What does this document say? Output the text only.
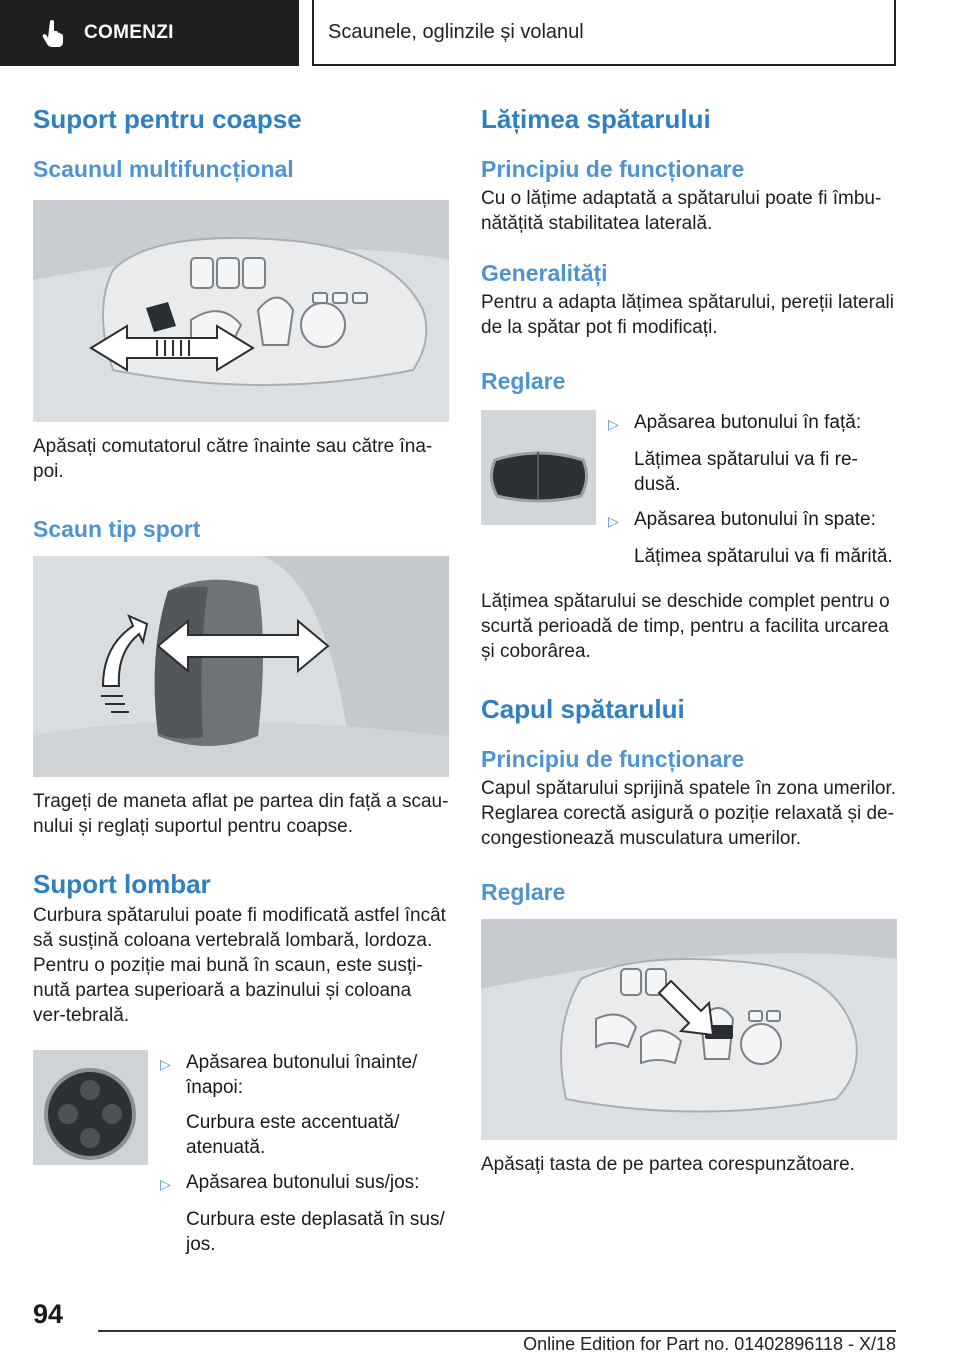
COMENZI	Scaunele, oglinzile și volanul
Suport pentru coapse
Scaunul multifuncțional

Apăsați comutatorul către înainte sau către îna-poi.

Scaun tip sport

Trageți de maneta aflat pe partea din față a scau-nului și reglați suportul pentru coapse.

Suport lombar

Curbura spătarului poate fi modificată astfel încât să susțină coloana vertebrală lombară, lordoza. Pentru o poziție mai bună în scaun, este susți-nută partea superioară a bazinului și coloana ver-tebrală.

▷ Apăsarea butonului înainte/ înapoi:
Curbura este accentuată/ atenuată.
▷ Apăsarea butonului sus/jos:
Curbura este deplasată în sus/ jos.
Lățimea spătarului
Principiu de funcționare

Cu o lățime adaptată a spătarului poate fi îmbu-nătățită stabilitatea laterală.

Generalități

Pentru a adapta lățimea spătarului, pereții laterali de la spătar pot fi modificați.

Reglare
▷ Apăsarea butonului în față:
Lățimea spătarului va fi re-dusă.
▷ Apăsarea butonului în spate:
Lățimea spătarului va fi mărită.

Lățimea spătarului se deschide complet pentru o scurtă perioadă de timp, pentru a facilita urcarea și coborârea.

Capul spătarului
Principiu de funcționare

Capul spătarului sprijină spatele în zona umerilor. Reglarea corectă asigură o poziție relaxată și de-congestionează musculatura umerilor.

Reglare

Apăsați tasta de pe partea corespunzătoare.

94
Online Edition for Part no. 01402896118 - X/18
